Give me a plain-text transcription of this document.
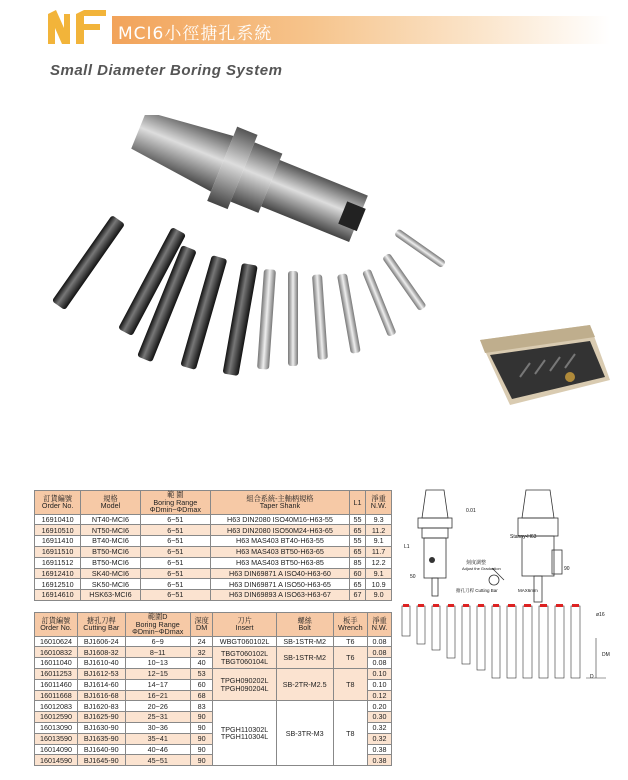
MCI6小徑搪孔系統
Small Diameter Boring System
訂貨編號
Order No.	規格
Model	範 圍
Boring Range
ΦDmin~ΦDmax	組合系統-主軸柄規格
Taper Shank	L1	淨重
N.W.
16910410	NT40-MCI6	6~51	H63 DIN2080 ISO40M16-H63-55	55	9.3
16910510	NT50-MCI6	6~51	H63 DIN2080 ISO50M24-H63-65	65	11.2
16911410	BT40-MCI6	6~51	H63 MAS403 BT40-H63-55	55	9.1
16911510	BT50-MCI6	6~51	H63 MAS403 BT50-H63-65	65	11.7
16911512	BT50-MCI6	6~51	H63 MAS403 BT50-H63-85	85	12.2
16912410	SK40-MCI6	6~51	H63 DIN69871 A ISO40-H63-60	60	9.1
16912510	SK50-MCI6	6~51	H63 DIN69871 A ISO50-H63-65	65	10.9
16914610	HSK63-MCI6	6~51	H63 DIN69893 A ISO63-H63-67	67	9.0
訂貨編號
Order No.	搪孔刀桿
Cutting Bar	範圍D
Boring Range
ΦDmin~ΦDmax	深度
DM	刀片
Insert	螺絲
Bolt	板手
Wrench	淨重
N.W.
16010624	BJ1606-24	6~9	24	WBGT060102L	SB-1STR-M2	T6	0.08
16010832	BJ1608-32	8~11	32	TBGT060102L
TBGT060104L	SB-1STR-M2	T6	0.08
16011040	BJ1610-40	10~13	40				0.08
16011253	BJ1612-53	12~15	53	TPGH090202L
TPGH090204L	SB-2TR-M2.5	T8	0.10
16011460	BJ1614-60	14~17	60				0.10
16011668	BJ1616-68	16~21	68				0.12
16012083	BJ1620-83	20~26	83	TPGH110302L
TPGH110304L	SB-3TR-M3	T8	0.20
16012590	BJ1625-90	25~31	90				0.30
16013090	BJ1630-90	30~36	90				0.32
16013590	BJ1635-90	35~41	90				0.32
16014090	BJ1640-90	40~46	90				0.38
16014590	BJ1645-90	45~51	90				0.38
Stanny-H63
0.01
刻度調整
Adjust the Graduation
搪孔刀桿 Cutting Bar	MAX6mm
L1
50
90
ø16
DM
D
